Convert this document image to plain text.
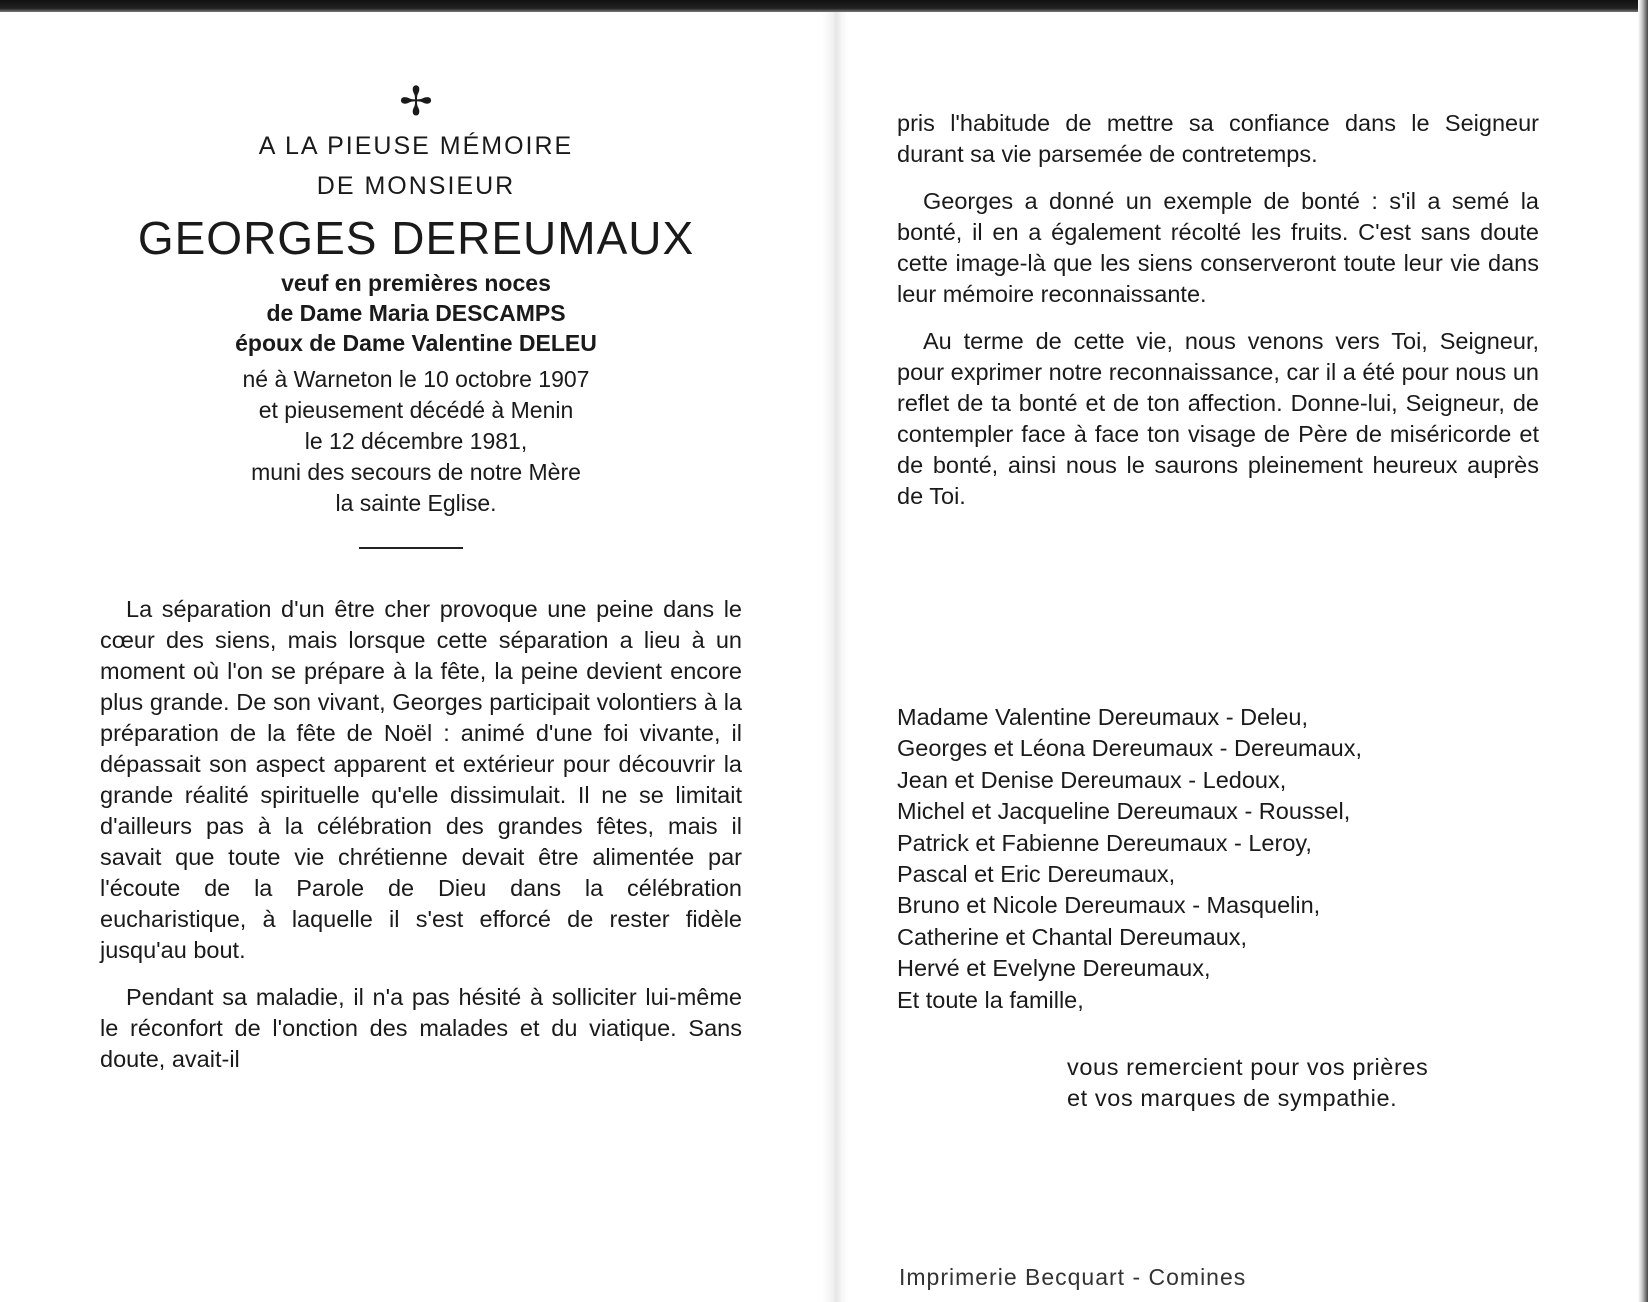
✢
A LA PIEUSE MÉMOIRE
DE MONSIEUR
GEORGES DEREUMAUX
veuf en premières noces
de Dame Maria DESCAMPS
époux de Dame Valentine DELEU
né à Warneton le 10 octobre 1907
et pieusement décédé à Menin
le 12 décembre 1981,
muni des secours de notre Mère
la sainte Eglise.

La séparation d'un être cher provoque une peine dans le cœur des siens, mais lorsque cette séparation a lieu à un moment où l'on se prépare à la fête, la peine devient encore plus grande. De son vivant, Georges participait volontiers à la préparation de la fête de Noël : animé d'une foi vivante, il dépassait son aspect apparent et extérieur pour découvrir la grande réalité spirituelle qu'elle dissimulait. Il ne se limitait d'ailleurs pas à la célébration des grandes fêtes, mais il savait que toute vie chrétienne devait être alimentée par l'écoute de la Parole de Dieu dans la célébration eucharistique, à laquelle il s'est efforcé de rester fidèle jusqu'au bout.

Pendant sa maladie, il n'a pas hésité à solliciter lui-même le réconfort de l'onction des malades et du viatique. Sans doute, avait-il

pris l'habitude de mettre sa confiance dans le Seigneur durant sa vie parsemée de contretemps.

Georges a donné un exemple de bonté : s'il a semé la bonté, il en a également récolté les fruits. C'est sans doute cette image-là que les siens conserveront toute leur vie dans leur mémoire reconnaissante.

Au terme de cette vie, nous venons vers Toi, Seigneur, pour exprimer notre reconnaissance, car il a été pour nous un reflet de ta bonté et de ton affection. Donne-lui, Seigneur, de contempler face à face ton visage de Père de miséricorde et de bonté, ainsi nous le saurons pleinement heureux auprès de Toi.

Madame Valentine Dereumaux - Deleu,
Georges et Léona Dereumaux - Dereumaux,
Jean et Denise Dereumaux - Ledoux,
Michel et Jacqueline Dereumaux - Roussel,
Patrick et Fabienne Dereumaux - Leroy,
Pascal et Eric Dereumaux,
Bruno et Nicole Dereumaux - Masquelin,
Catherine et Chantal Dereumaux,
Hervé et Evelyne Dereumaux,
Et toute la famille,
vous remercient pour vos prières
et vos marques de sympathie.
Imprimerie Becquart - Comines
